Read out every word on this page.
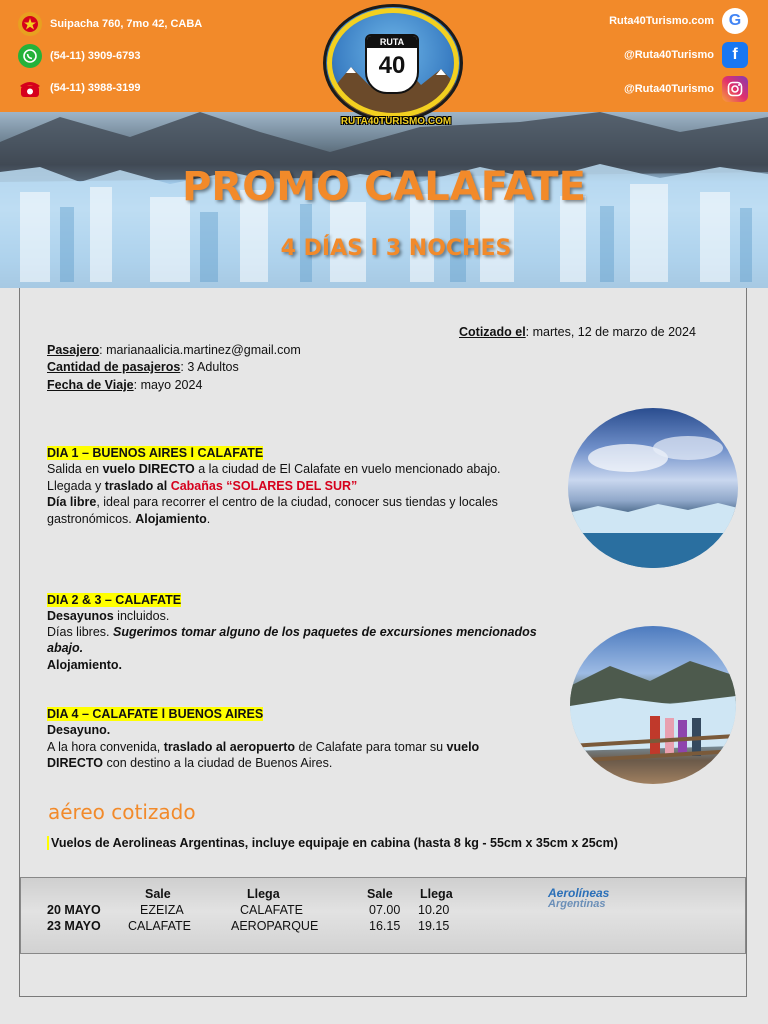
Suipacha 760, 7mo 42, CABA
(54-11) 3909-6793
(54-11) 3988-3199
Ruta40Turismo.com G
@Ruta40Turismo	f
@Ruta40Turismo
PROMO CALAFATE
4 DÍAS l 3 NOCHES
RUTA
40
RUTA40TURISMO.COM
Cotizado el: martes, 12 de marzo de 2024
Pasajero: marianaalicia.martinez@gmail.com
Cantidad de pasajeros: 3 Adultos
Fecha de Viaje: mayo 2024
DIA 1 – BUENOS AIRES l CALAFATE
Salida en vuelo DIRECTO a la ciudad de El Calafate en vuelo mencionado abajo.
Llegada y traslado al Cabañas “SOLARES DEL SUR”
Día libre, ideal para recorrer el centro de la ciudad, conocer sus tiendas y locales
gastronómicos. Alojamiento.
DIA 2 & 3 – CALAFATE
Desayunos incluidos.
Días libres. Sugerimos tomar alguno de los paquetes de excursiones mencionados
abajo.
Alojamiento.
DIA 4 – CALAFATE l BUENOS AIRES
Desayuno.
A la hora convenida, traslado al aeropuerto de Calafate para tomar su vuelo
DIRECTO con destino a la ciudad de Buenos Aires.
aéreo cotizado
Vuelos de Aerolineas Argentinas, incluye equipaje en cabina (hasta 8 kg - 55cm x 35cm x 25cm)
Sale	Llega	Sale Llega
20 MAYO	EZEIZA	CALAFATE	07.00 10.20
23 MAYO CALAFATE	AEROPARQUE	16.15 19.15
Aerolíneas
Argentinas
